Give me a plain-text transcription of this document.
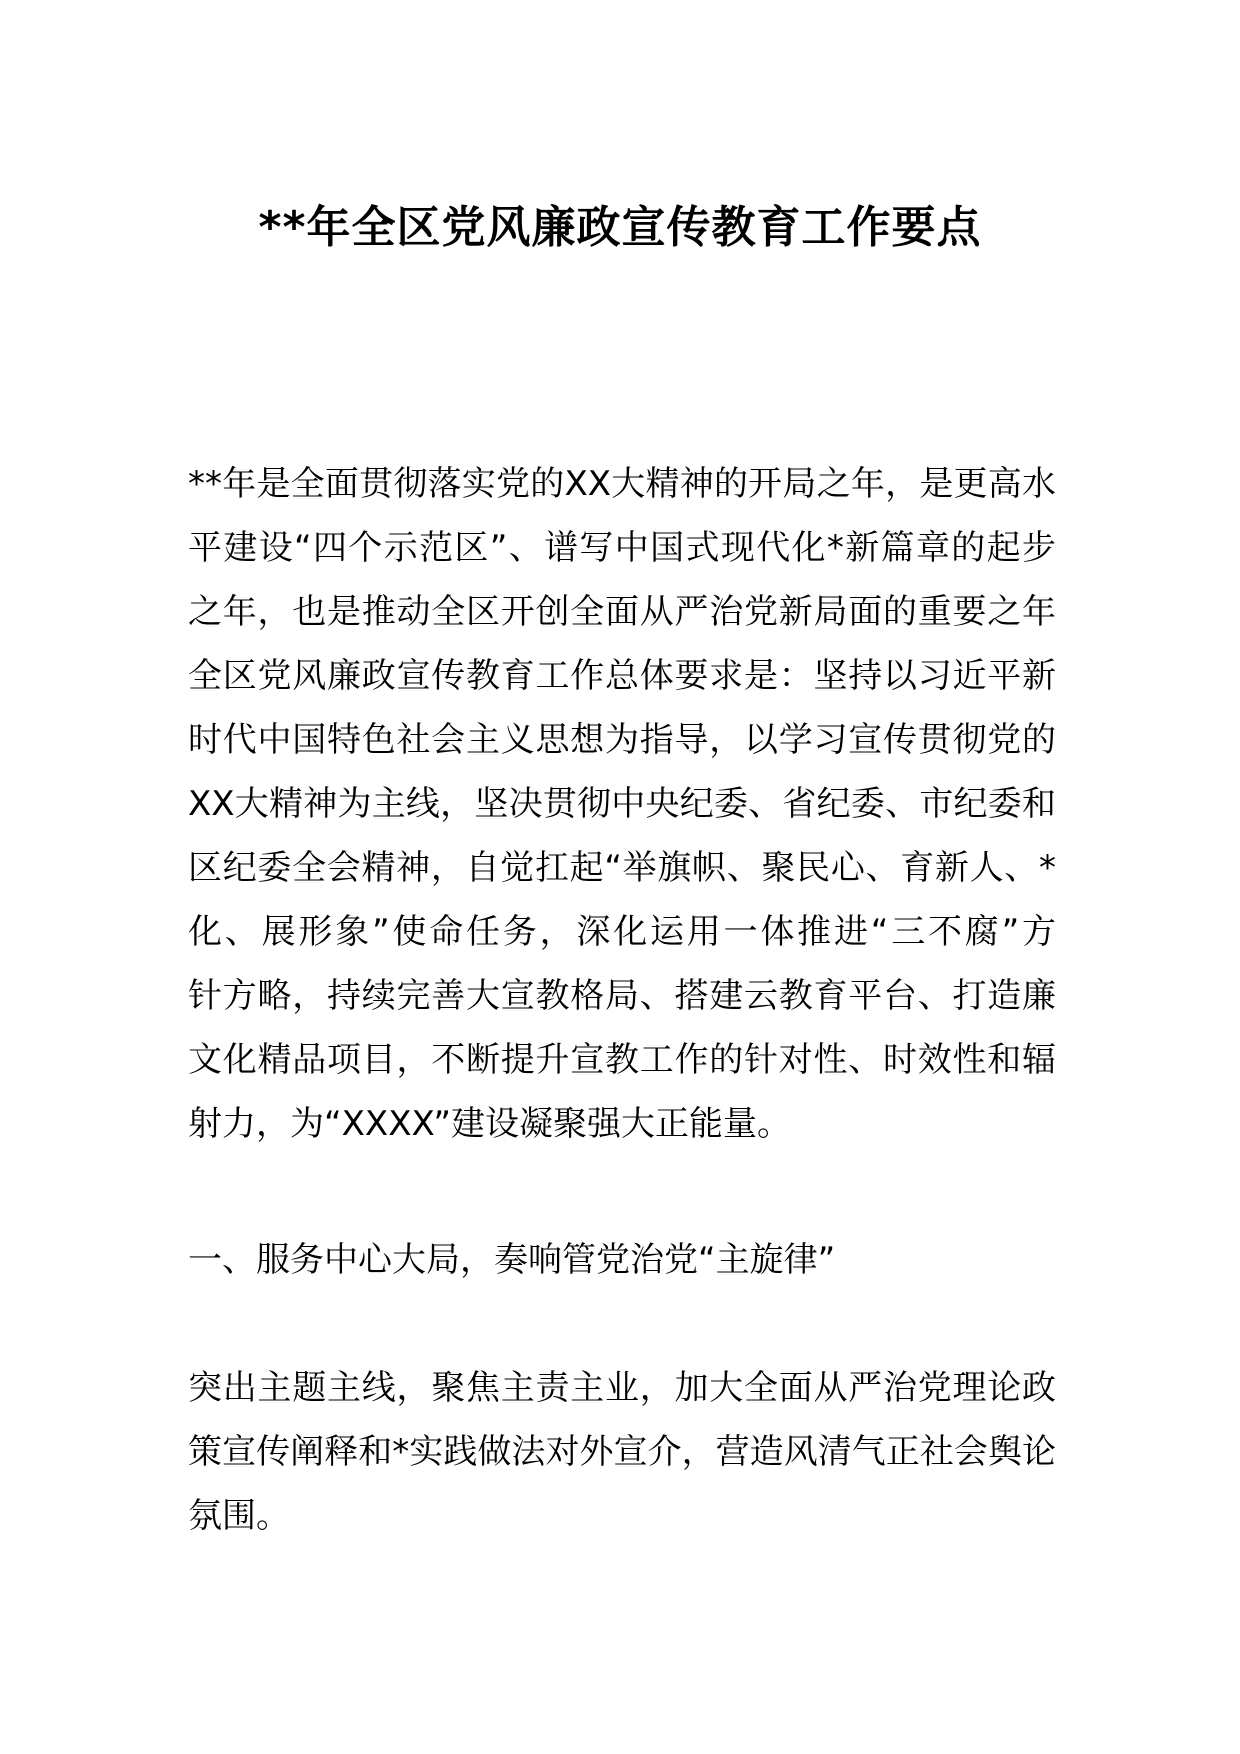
**年全区党风廉政宣传教育工作要点
**年是全面贯彻落实党的XX大精神的开局之年，是更高水
平建设“四个示范区”、谱写中国式现代化*新篇章的起步
之年，也是推动全区开创全面从严治党新局面的重要之年
全区党风廉政宣传教育工作总体要求是：坚持以习近平新
时代中国特色社会主义思想为指导，以学习宣传贯彻党的
XX大精神为主线，坚决贯彻中央纪委、省纪委、市纪委和
区纪委全会精神，自觉扛起“举旗帜、聚民心、育新人、*
化、展形象”使命任务，深化运用一体推进“三不腐”方
针方略，持续完善大宣教格局、搭建云教育平台、打造廉
文化精品项目，不断提升宣教工作的针对性、时效性和辐
射力，为“XXXX”建设凝聚强大正能量。
一、服务中心大局，奏响管党治党“主旋律”
突出主题主线，聚焦主责主业，加大全面从严治党理论政
策宣传阐释和*实践做法对外宣介，营造风清气正社会舆论
氛围。
